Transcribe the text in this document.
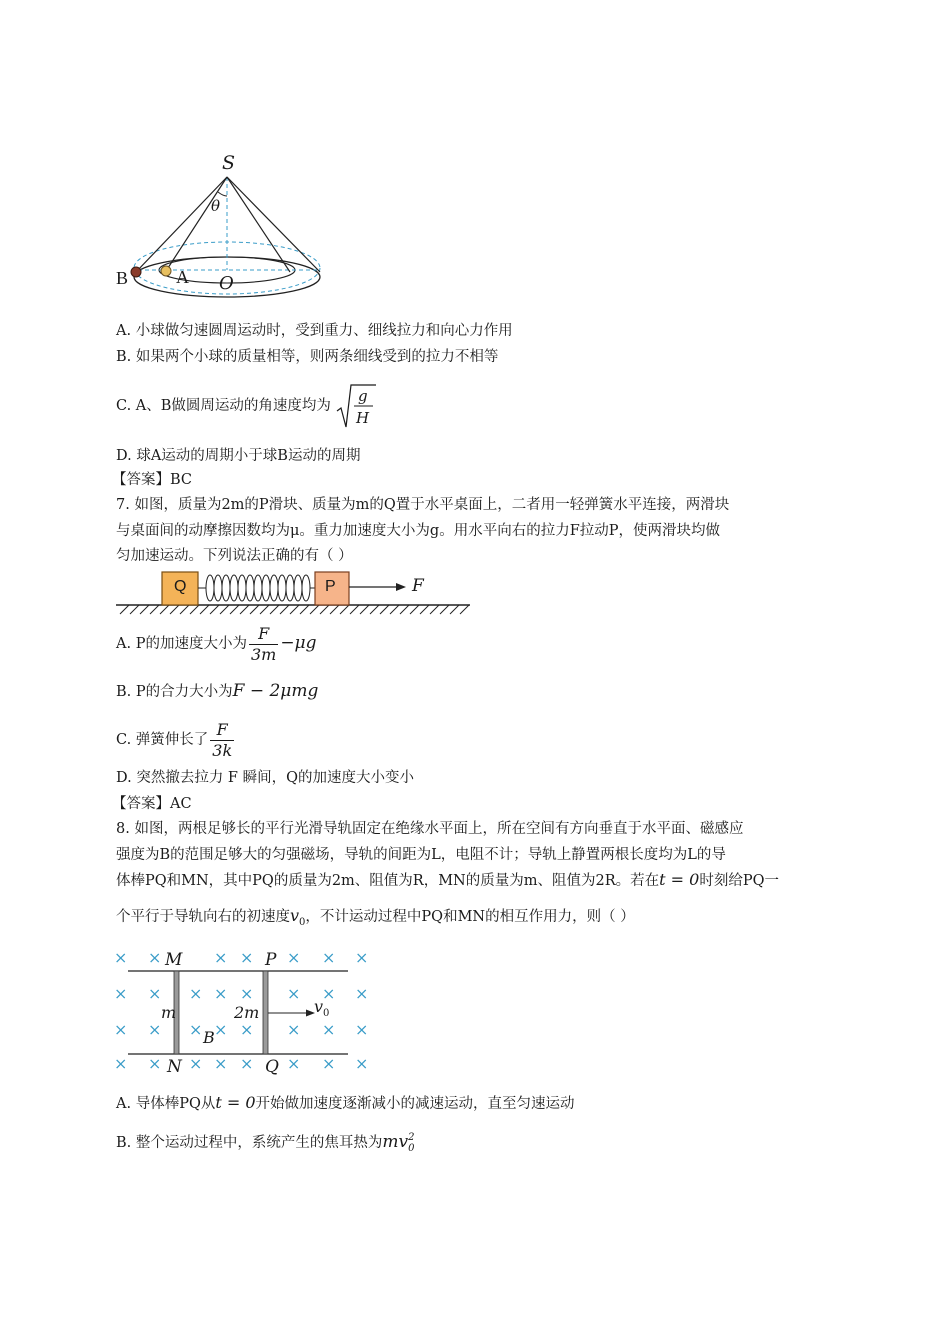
S
θ
B	A O
A. 小球做匀速圆周运动时，受到重力、细线拉力和向心力作用
B. 如果两个小球的质量相等，则两条细线受到的拉力不相等
C. A、B做圆周运动的角速度均为
g
H
D. 球A运动的周期小于球B运动的周期
【答案】BC
7. 如图，质量为2m的P滑块、质量为m的Q置于水平桌面上，二者用一轻弹簧水平连接，两滑块
与桌面间的动摩擦因数均为μ。重力加速度大小为g。用水平向右的拉力F拉动P，使两滑块均做
匀加速运动。下列说法正确的有（ ）
Q	P	F
A. P的加速度大小为 $\frac{F}{3m} -\mu g$
B. P的合力大小为F − 2μmg
C. 弹簧伸长了 $\frac{F}{3k}$
D. 突然撤去拉力 F 瞬间，Q的加速度大小变小
【答案】AC
8. 如图，两根足够长的平行光滑导轨固定在绝缘水平面上，所在空间有方向垂直于水平面、磁感应
强度为B的范围足够大的匀强磁场，导轨的间距为L，电阻不计；导轨上静置两根长度均为L的导
体棒PQ和MN，其中PQ的质量为2m、阻值为R，MN的质量为m、阻值为2R。若在t = 0时刻给PQ一
个平行于导轨向右的初速度$v_0$，不计运动过程中PQ和MN的相互作用力，则（ ）
× ×	× × × × ×
× × × × × × × ×
× × × × × × × ×
× × × × × × × ×
M	P
N	Q
m	2m
B
$v_0$
A. 导体棒PQ从t = 0开始做加速度逐渐减小的减速运动，直至匀速运动
B. 整个运动过程中，系统产生的焦耳热为mv 2
0
